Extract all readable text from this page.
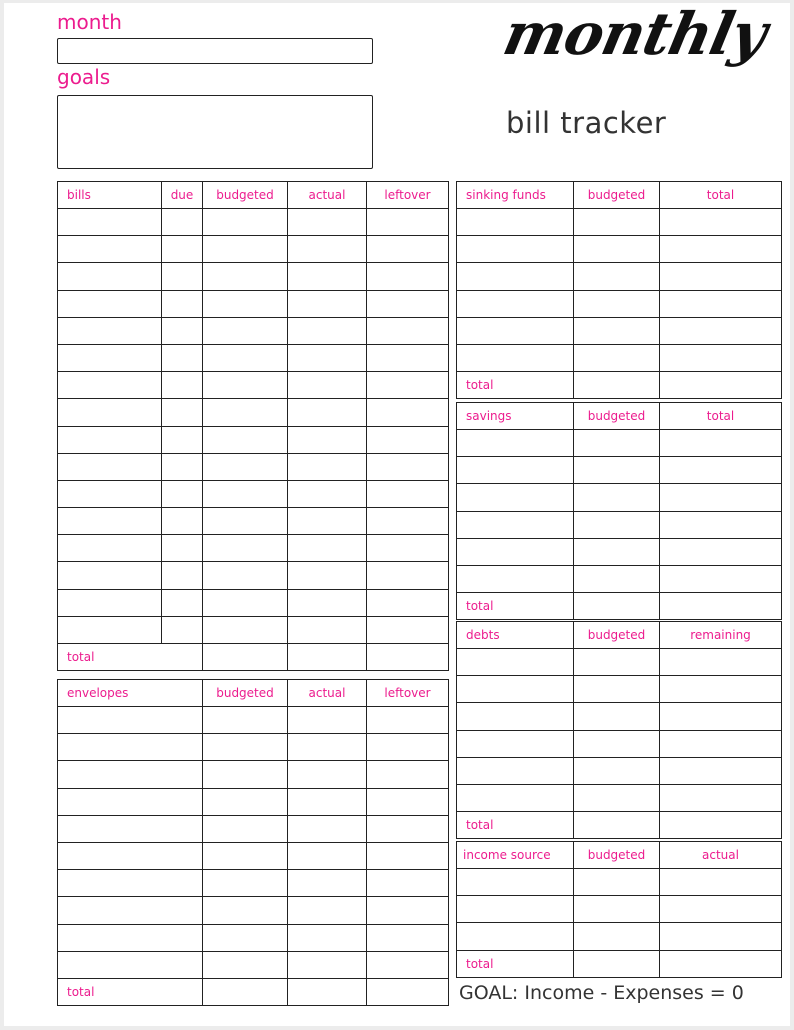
month
goals
monthly
bill tracker
bills	due	budgeted	actual	leftover

total				
envelopes	budgeted	actual	leftover

total			
sinking funds	budgeted	total

total		
savings	budgeted	total

total		
debts	budgeted	remaining

total		
income source	budgeted	actual

total		
GOAL: Income - Expenses = 0
